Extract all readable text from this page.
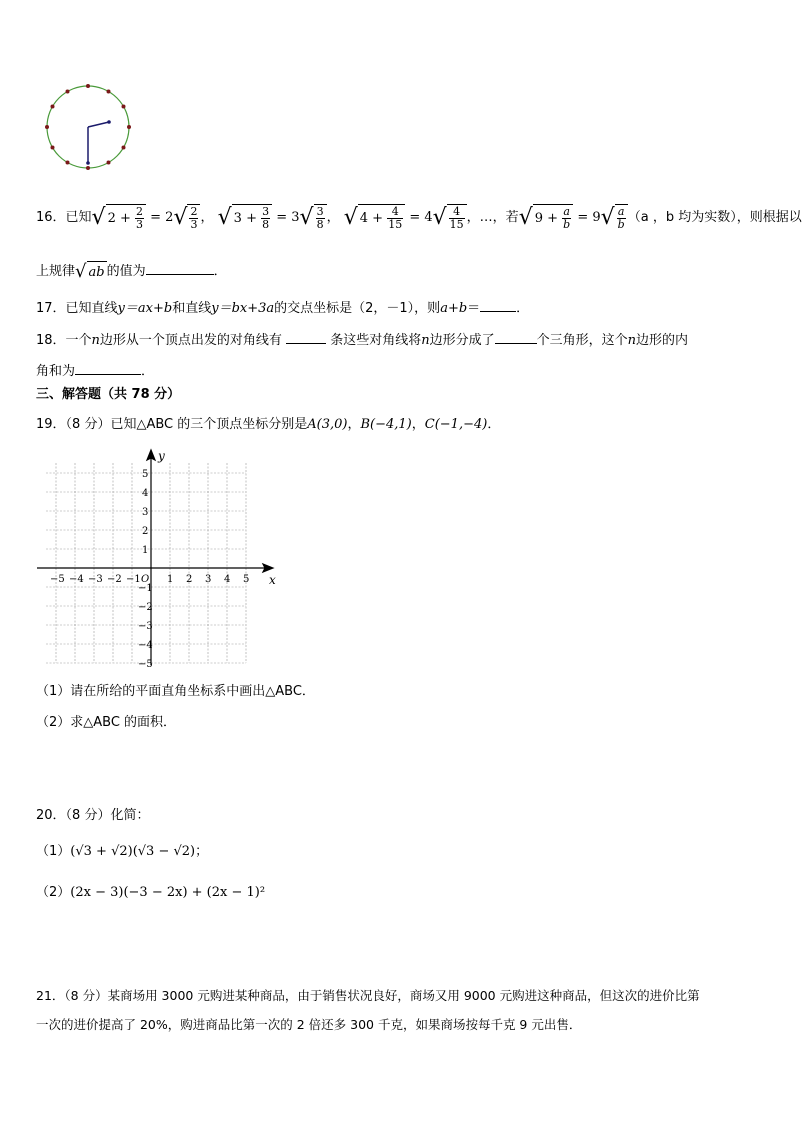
16．已知√ $2 + \frac{2}{3} = 2√ \frac{2}{3}$ ， √ $3 + \frac{3}{8} = 3√ \frac{3}{8}$ ， √ $4 + \frac{4}{15} = 4√ \frac{4}{15}$ ，…，若√ $9 + \frac{a}{b} = 9√ \frac{a}{b} (a$ ，b 均为实数），则根据以
上规律√ ab 的值为	．
17．已知直线y＝ax+b和直线y＝bx+3a的交点坐标是（2，－1），则a+b＝	．
18．一个n边形从一个顶点出发的对角线有	条这些对角线将n边形分成了	个三角形，这个n边形的内
角和为	．
三、解答题（共 78 分）
19．（8 分）已知△ABC 的三个顶点坐标分别是A(3,0)，B(−4,1)，C(−1,−4)．
−5 −4 −3 −2 −1	1 2 3 4 5
5
4
3
2
1
−1
−2
−3
−4
−5
O	x
y
（1）请在所给的平面直角坐标系中画出△ABC．
（2）求△ABC 的面积．
20．（8 分）化简：
（1）(√3 + √2)(√3 − √2)；
（2）(2x − 3)(−3 − 2x) + (2x − 1)²
21．（8 分）某商场用 3000 元购进某种商品，由于销售状况良好，商场又用 9000 元购进这种商品，但这次的进价比第
一次的进价提高了 20%，购进商品比第一次的 2 倍还多 300 千克，如果商场按每千克 9 元出售．
